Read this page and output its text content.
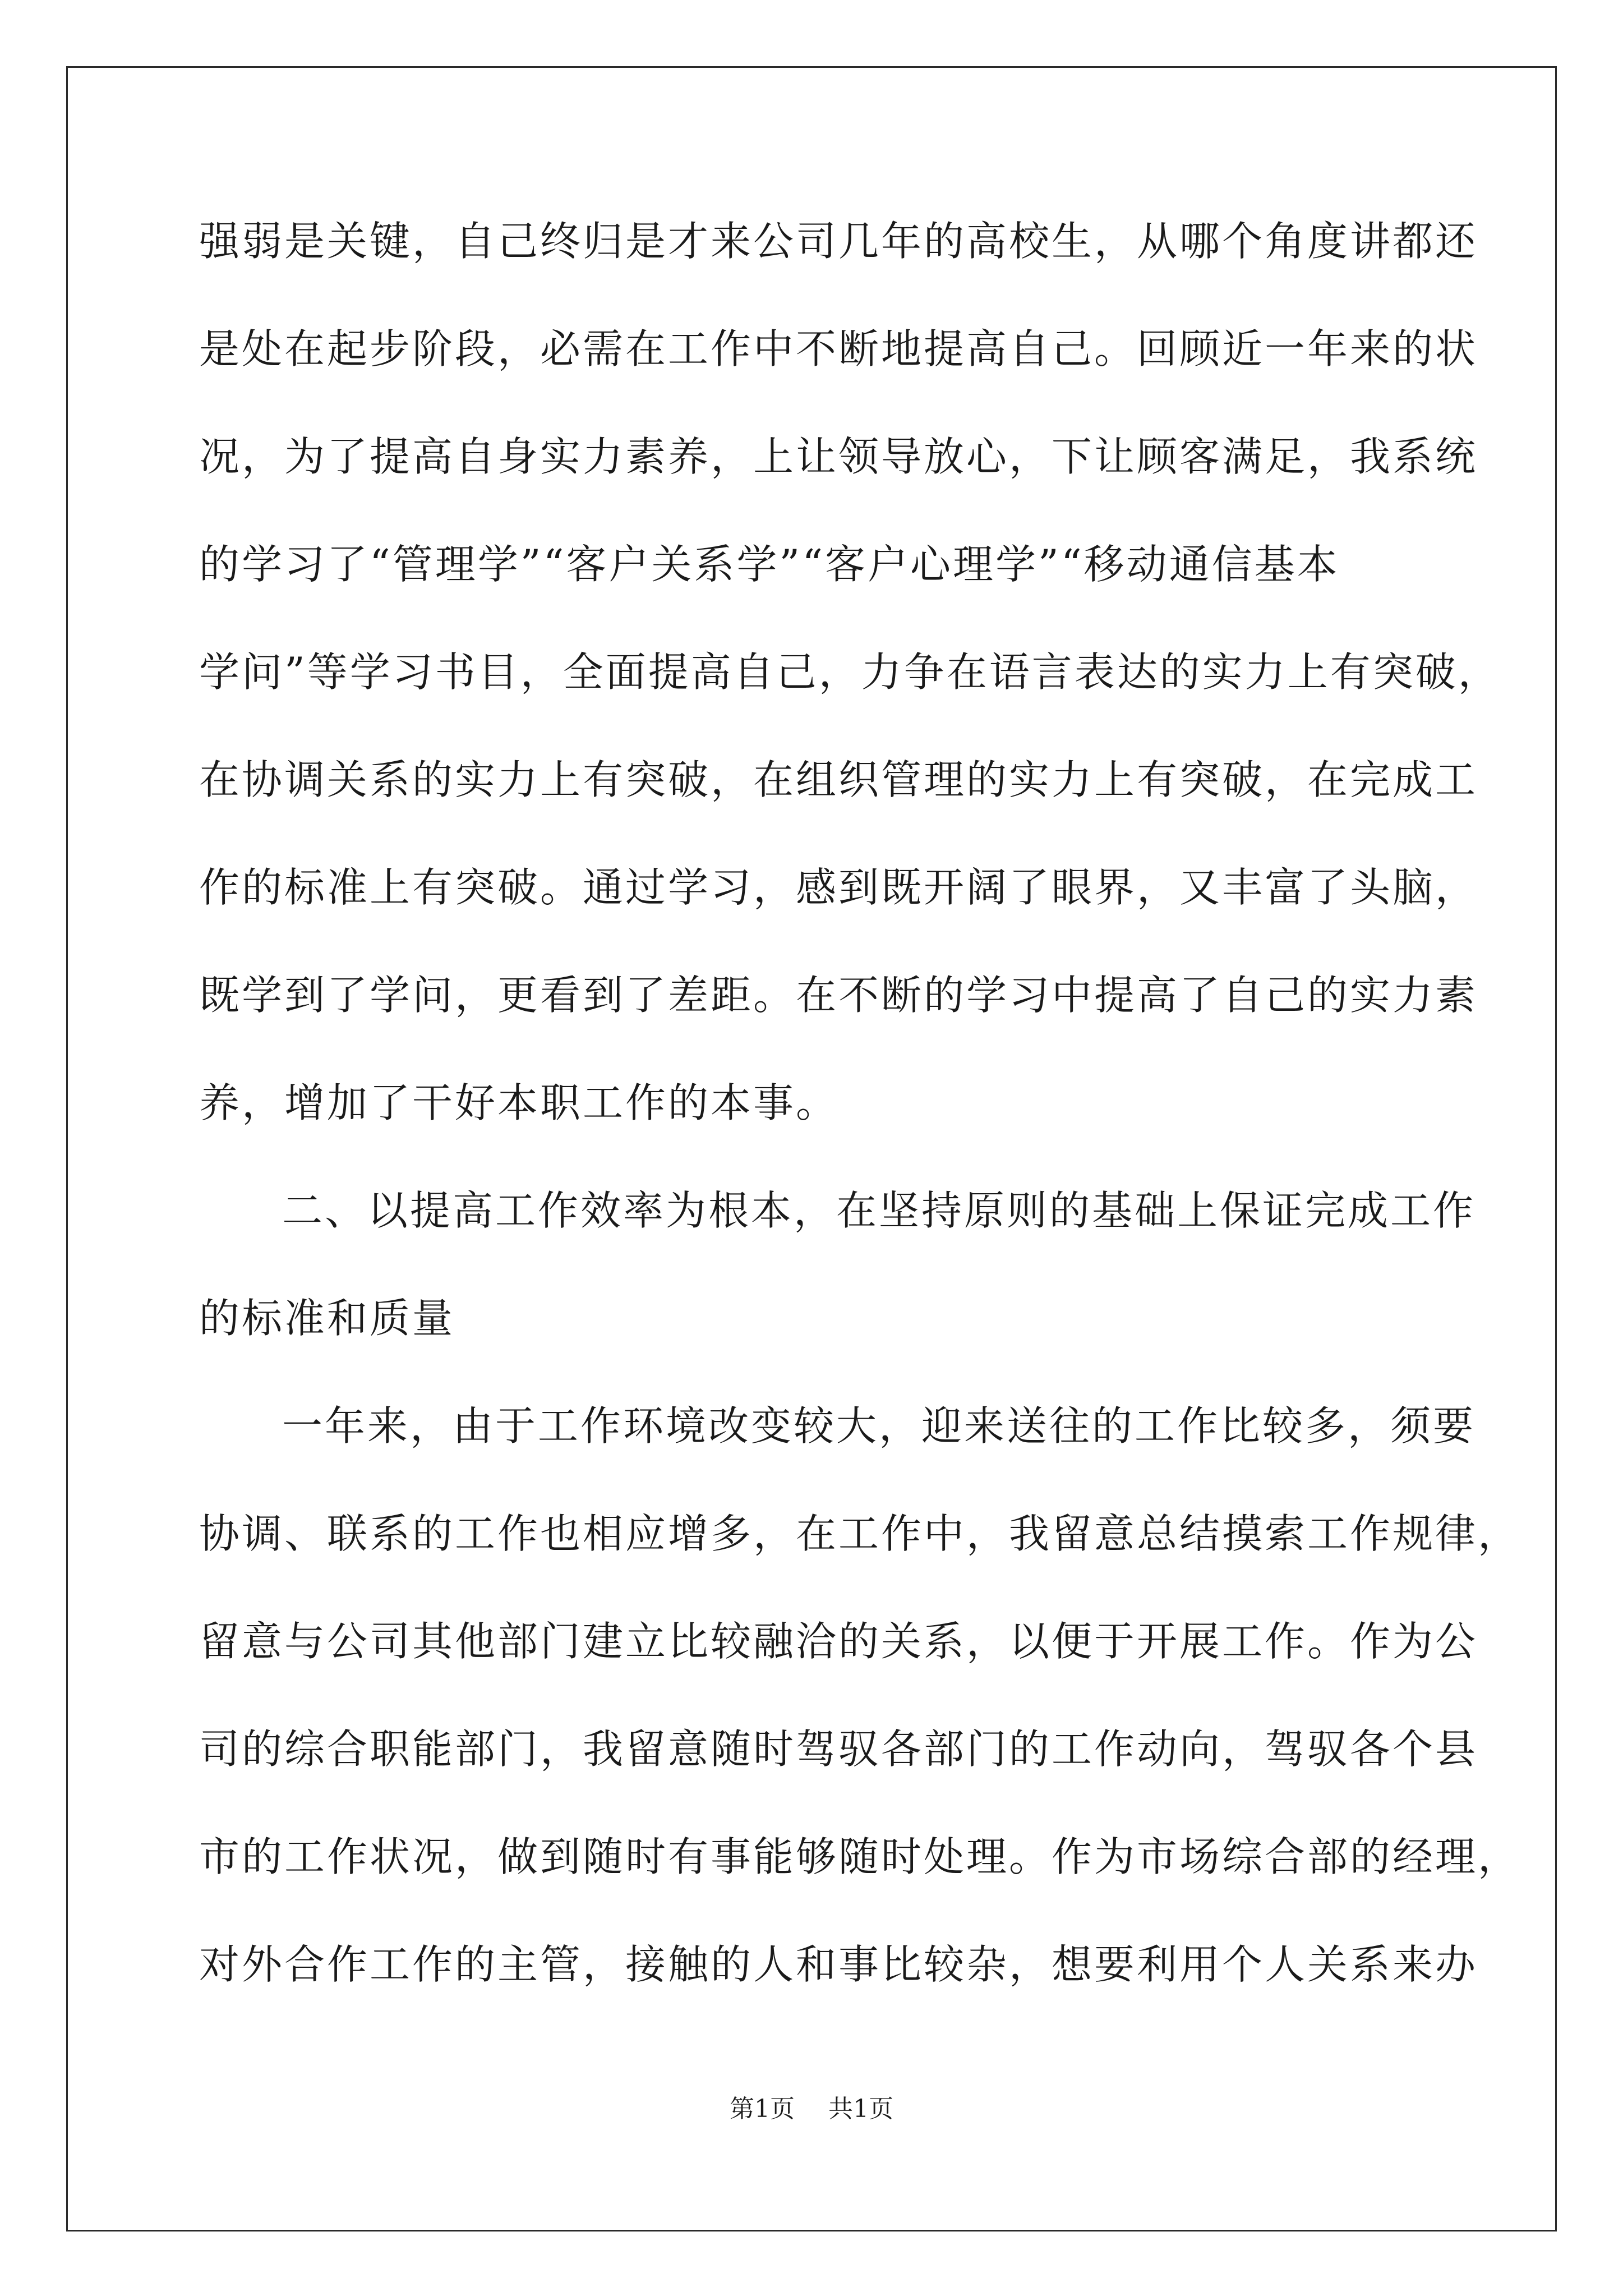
强弱是关键，自己终归是才来公司几年的高校生，从哪个角度讲都还
是处在起步阶段，必需在工作中不断地提高自己。回顾近一年来的状
况，为了提高自身实力素养，上让领导放心，下让顾客满足，我系统
的学习了“管理学”“客户关系学”“客户心理学”“移动通信基本
学问”等学习书目，全面提高自己，力争在语言表达的实力上有突破，
在协调关系的实力上有突破，在组织管理的实力上有突破，在完成工
作的标准上有突破。通过学习，感到既开阔了眼界，又丰富了头脑，
既学到了学问，更看到了差距。在不断的学习中提高了自己的实力素
养，增加了干好本职工作的本事。
二、以提高工作效率为根本，在坚持原则的基础上保证完成工作
的标准和质量
一年来，由于工作环境改变较大，迎来送往的工作比较多，须要
协调、联系的工作也相应增多，在工作中，我留意总结摸索工作规律，
留意与公司其他部门建立比较融洽的关系，以便于开展工作。作为公
司的综合职能部门，我留意随时驾驭各部门的工作动向，驾驭各个县
市的工作状况，做到随时有事能够随时处理。作为市场综合部的经理，
对外合作工作的主管，接触的人和事比较杂，想要利用个人关系来办
第1页 共1页
